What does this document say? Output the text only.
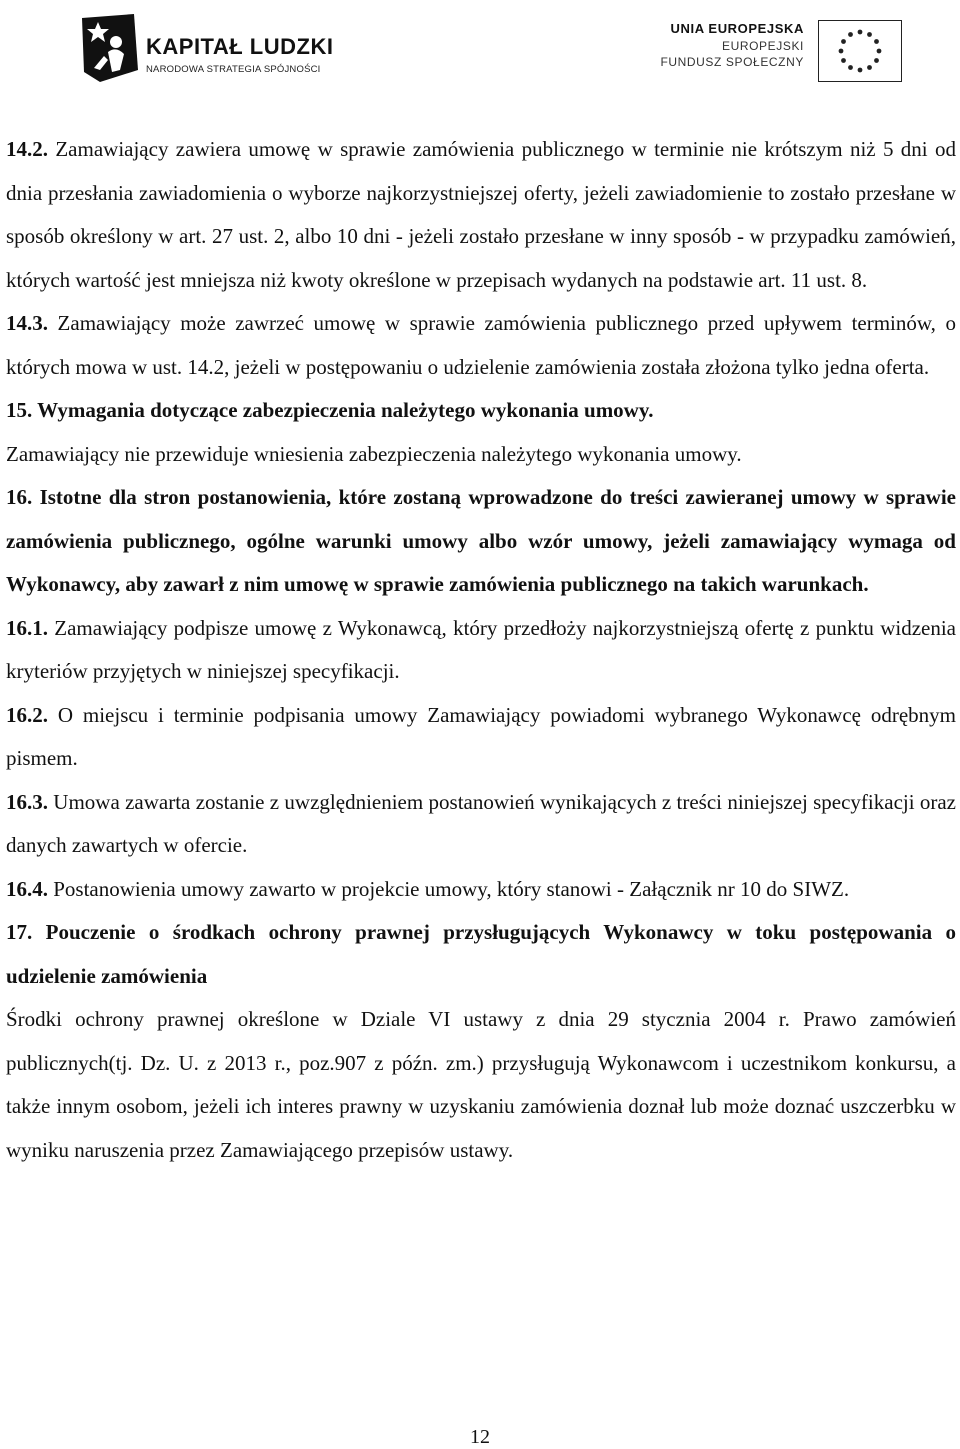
KAPITAŁ LUDZKI
NARODOWA STRATEGIA SPÓJNOŚCI
UNIA EUROPEJSKA
EUROPEJSKI
FUNDUSZ SPOŁECZNY

14.2. Zamawiający zawiera umowę w sprawie zamówienia publicznego w terminie nie krótszym niż 5 dni od dnia przesłania zawiadomienia o wyborze najkorzystniejszej oferty, jeżeli zawiadomienie to zostało przesłane w sposób określony w art. 27 ust. 2, albo 10 dni - jeżeli zostało przesłane w inny sposób - w przypadku zamówień, których wartość jest mniejsza niż kwoty określone w przepisach wydanych na podstawie art. 11 ust. 8.

14.3. Zamawiający może zawrzeć umowę w sprawie zamówienia publicznego przed upływem terminów, o których mowa w ust. 14.2, jeżeli w postępowaniu o udzielenie zamówienia została złożona tylko jedna oferta.

15. Wymagania dotyczące zabezpieczenia należytego wykonania umowy.

Zamawiający nie przewiduje wniesienia zabezpieczenia należytego wykonania umowy.

16. Istotne dla stron postanowienia, które zostaną wprowadzone do treści zawieranej umowy w sprawie zamówienia publicznego, ogólne warunki umowy albo wzór umowy, jeżeli zamawiający wymaga od Wykonawcy, aby zawarł z nim umowę w sprawie zamówienia publicznego na takich warunkach.

16.1. Zamawiający podpisze umowę z Wykonawcą, który przedłoży najkorzystniejszą ofertę z punktu widzenia kryteriów przyjętych w niniejszej specyfikacji.

16.2. O miejscu i terminie podpisania umowy Zamawiający powiadomi wybranego Wykonawcę odrębnym pismem.

16.3. Umowa zawarta zostanie z uwzględnieniem postanowień wynikających z treści niniejszej specyfikacji oraz danych zawartych w ofercie.

16.4. Postanowienia umowy zawarto w projekcie umowy, który stanowi - Załącznik nr 10 do SIWZ.

17. Pouczenie o środkach ochrony prawnej przysługujących Wykonawcy w toku postępowania o udzielenie zamówienia

Środki ochrony prawnej określone w Dziale VI ustawy z dnia 29 stycznia 2004 r. Prawo zamówień publicznych(tj. Dz. U. z 2013 r., poz.907 z późn. zm.) przysługują Wykonawcom i uczestnikom konkursu, a także innym osobom, jeżeli ich interes prawny w uzyskaniu zamówienia doznał lub może doznać uszczerbku w wyniku naruszenia przez Zamawiającego przepisów ustawy.

12
